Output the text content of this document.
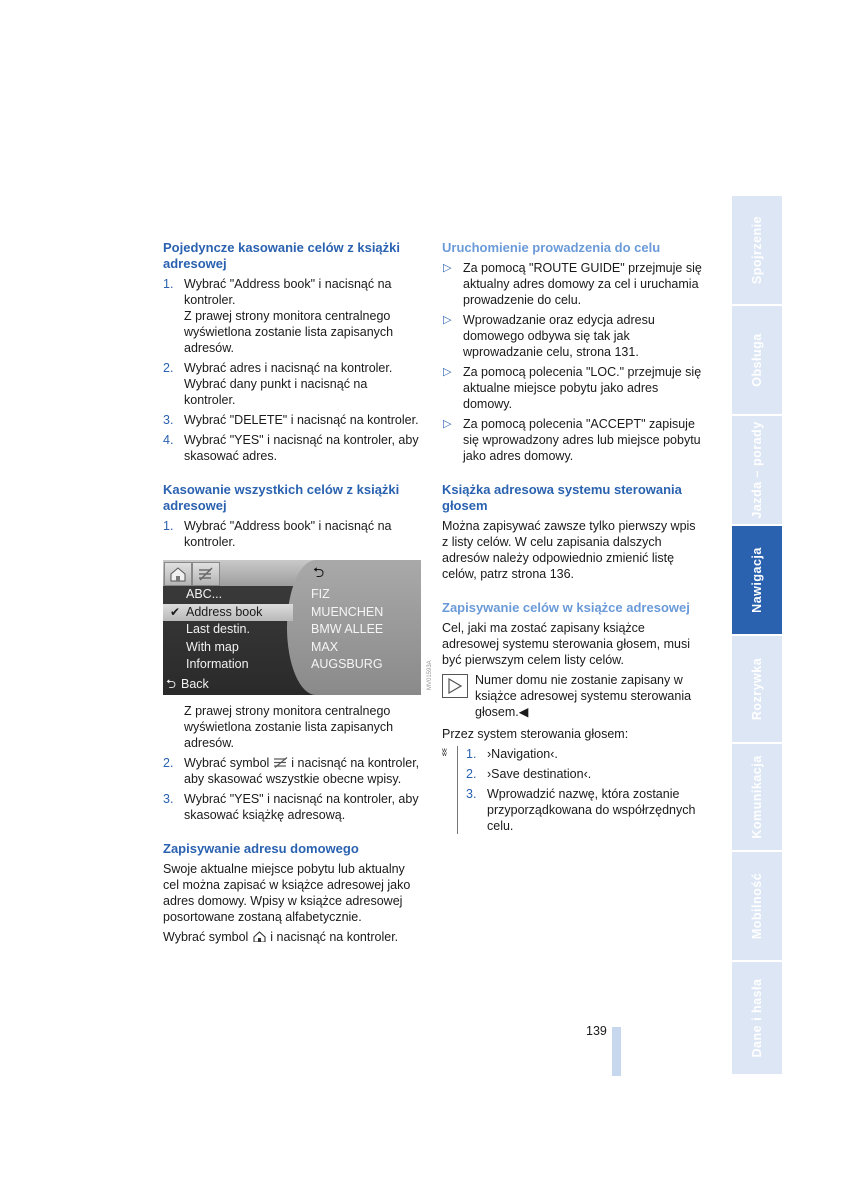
Pojedyncze kasowanie celów z książki adresowej
1. Wybrać "Address book" i nacisnąć na kontroler.
Z prawej strony monitora centralnego wyświetlona zostanie lista zapisanych adresów.
2. Wybrać adres i nacisnąć na kontroler. Wybrać dany punkt i nacisnąć na kontroler.
3. Wybrać "DELETE" i nacisnąć na kontroler.
4. Wybrać "YES" i nacisnąć na kontroler, aby skasować adres.
Kasowanie wszystkich celów z książki adresowej
1. Wybrać "Address book" i nacisnąć na kontroler.
⮌
ABC...
✔ Address book
Last destin.
With map
Information
FIZ
MUENCHEN
BMW ALLEE
MAX
AUGSBURG
⮌ Back
Z prawej strony monitora centralnego wyświetlona zostanie lista zapisanych adresów.
2. Wybrać symbol i nacisnąć na kontroler, aby skasować wszystkie obecne wpisy.
3. Wybrać "YES" i nacisnąć na kontroler, aby skasować książkę adresową.
Zapisywanie adresu domowego

Swoje aktualne miejsce pobytu lub aktualny cel można zapisać w książce adresowej jako adres domowy. Wpisy w książce adresowej posortowane zostaną alfabetycznie.

Wybrać symbol i nacisnąć na kontroler.

MV01593A
Uruchomienie prowadzenia do celu
▷ Za pomocą "ROUTE GUIDE" przejmuje się aktualny adres domowy za cel i uruchamia prowadzenie do celu.
▷ Wprowadzanie oraz edycja adresu domowego odbywa się tak jak wprowadzanie celu, strona 131.
▷ Za pomocą polecenia "LOC." przejmuje się aktualne miejsce pobytu jako adres domowy.
▷ Za pomocą polecenia "ACCEPT" zapisuje się wprowadzony adres lub miejsce pobytu jako adres domowy.
Książka adresowa systemu sterowania głosem

Można zapisywać zawsze tylko pierwszy wpis z listy celów. W celu zapisania dalszych adresów należy odpowiednio zmienić listę celów, patrz strona 136.

Zapisywanie celów w książce adresowej

Cel, jaki ma zostać zapisany książce adresowej systemu sterowania głosem, musi być pierwszym celem listy celów.

Numer domu nie zostanie zapisany w książce adresowej systemu sterowania głosem.◀

Przez system sterowania głosem:

ʬ 1. ›Navigation‹.
2. ›Save destination‹.
3. Wprowadzić nazwę, która zostanie przyporządkowana do współrzędnych celu.
Spojrzenie
Obsługa
Jazda – porady
Nawigacja
Rozrywka
Komunikacja
Mobilność
Dane i hasła
139
